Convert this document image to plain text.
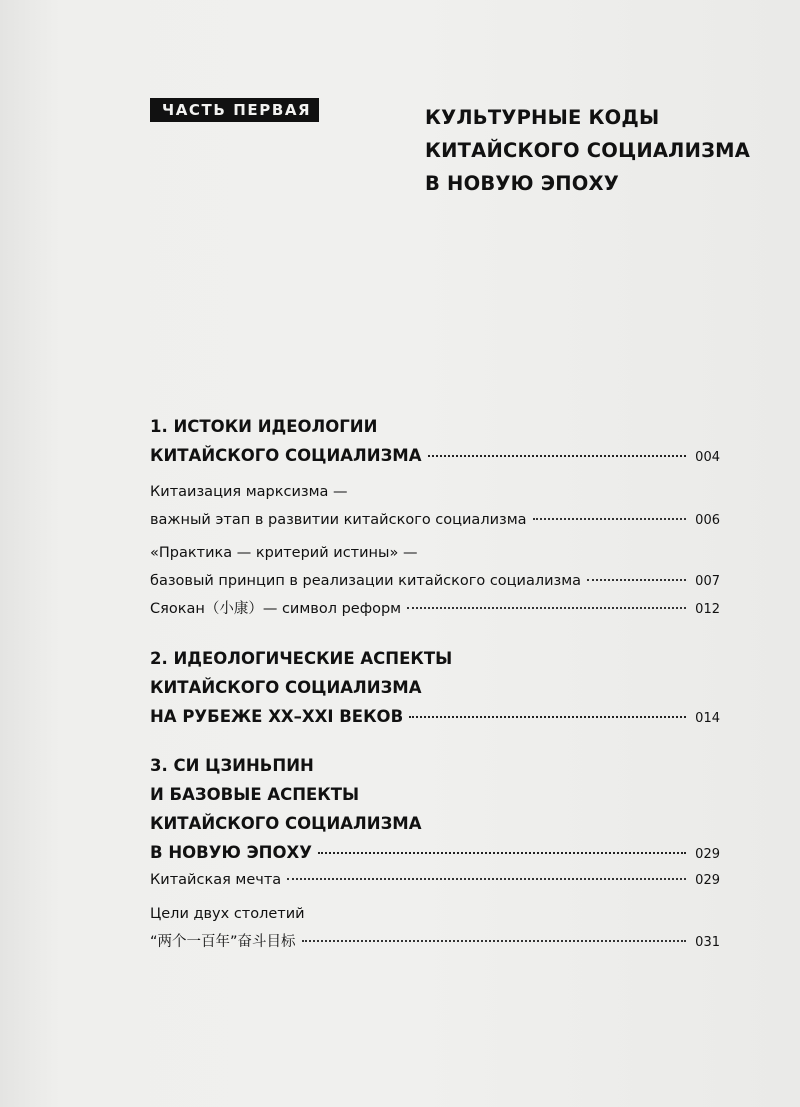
ЧАСТЬ ПЕРВАЯ	КУЛЬТУРНЫЕ КОДЫ
КИТАЙСКОГО СОЦИАЛИЗМА
В НОВУЮ ЭПОХУ
1. ИСТОКИ ИДЕОЛОГИИ
КИТАЙСКОГО СОЦИАЛИЗМА	004
Китаизация марксизма —
важный этап в развитии китайского социализма	006
«Практика — критерий истины» —
базовый принцип в реализации китайского социализма	007
Сяокан（小康）— символ реформ	012
2. ИДЕОЛОГИЧЕСКИЕ АСПЕКТЫ
КИТАЙСКОГО СОЦИАЛИЗМА
НА РУБЕЖЕ XX–XXI ВЕКОВ	014
3. СИ ЦЗИНЬПИН
И БАЗОВЫЕ АСПЕКТЫ
КИТАЙСКОГО СОЦИАЛИЗМА
В НОВУЮ ЭПОХУ	029
Китайская мечта	029
Цели двух столетий
“两个一百年”奋斗目标	031
